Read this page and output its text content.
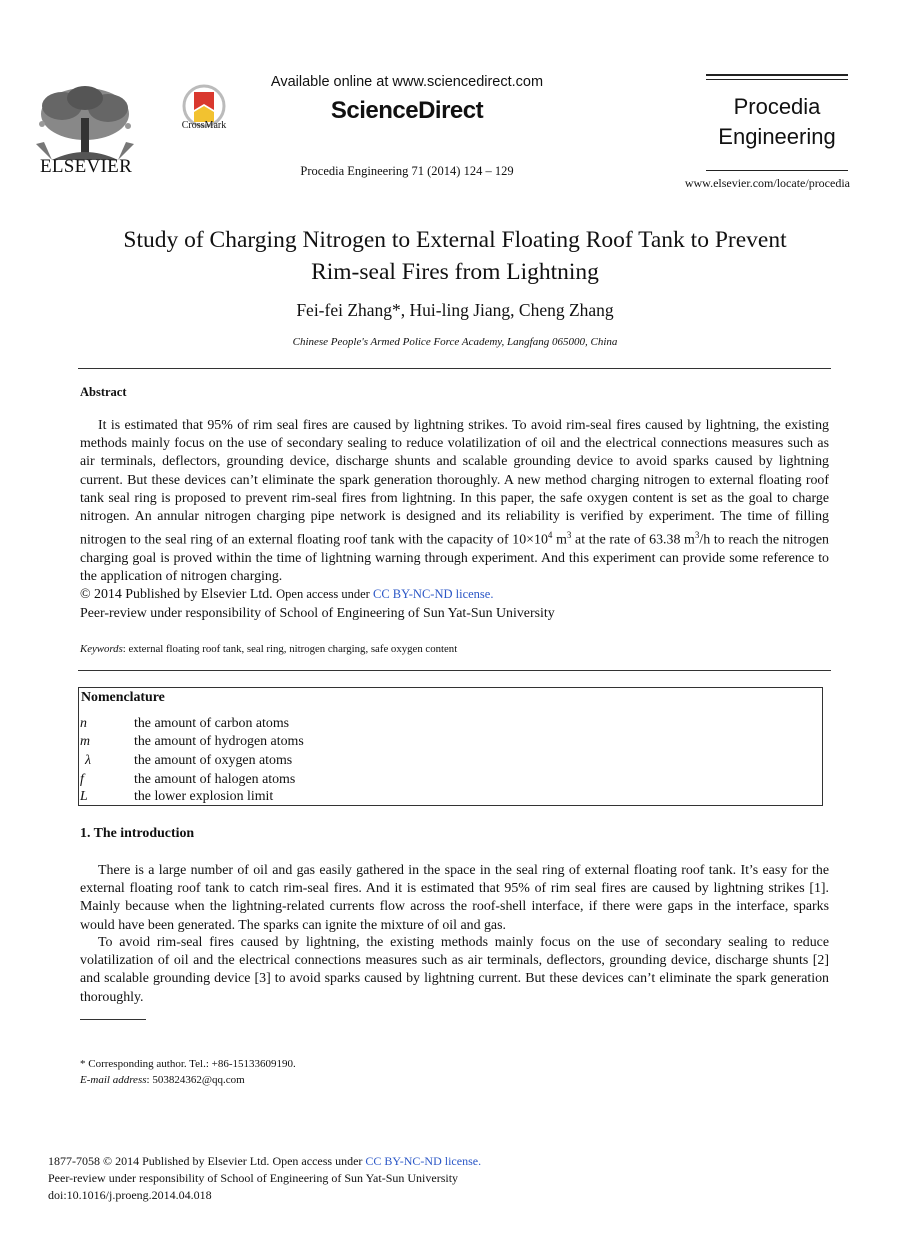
ELSEVIER
CrossMark
Available online at www.sciencedirect.com
ScienceDirect
Procedia Engineering 71 (2014) 124 – 129
Procedia
Engineering
www.elsevier.com/locate/procedia
Study of Charging Nitrogen to External Floating Roof Tank to Prevent
Rim-seal Fires from Lightning
Fei-fei Zhang*, Hui-ling Jiang, Cheng Zhang
Chinese People's Armed Police Force Academy, Langfang 065000, China
Abstract
It is estimated that 95% of rim seal fires are caused by lightning strikes. To avoid rim-seal fires caused by lightning, the existing methods mainly focus on the use of secondary sealing to reduce volatilization of oil and the electrical connections measures such as air terminals, deflectors, grounding device, discharge shunts and scalable grounding device to avoid sparks caused by lightning current. But these devices can’t eliminate the spark generation thoroughly. A new method charging nitrogen to external floating roof tank seal ring is proposed to prevent rim-seal fires from lightning. In this paper, the safe oxygen content is set as the goal to charge nitrogen. An annular nitrogen charging pipe network is designed and its reliability is verified by experiment. The time of filling nitrogen to the seal ring of an external floating roof tank with the capacity of $10\times 10^4$ $m^3$ at the rate of 63.38 $m^3/h$ to reach the nitrogen charging goal is proved within the time of lightning warning through experiment. And this experiment can provide some reference to the application of nitrogen charging.
© 2014 Published by Elsevier Ltd. Open access under CC BY-NC-ND license.
Peer-review under responsibility of School of Engineering of Sun Yat-Sun University
Keywords: external floating roof tank, seal ring, nitrogen charging, safe oxygen content
Nomenclature
n	the amount of carbon atoms
m	the amount of hydrogen atoms
λ	the amount of oxygen atoms
f	the amount of halogen atoms
L	the lower explosion limit
1. The introduction
There is a large number of oil and gas easily gathered in the space in the seal ring of external floating roof tank. It’s easy for the external floating roof tank to catch rim-seal fires. And it is estimated that 95% of rim seal fires are caused by lightning strikes [1]. Mainly because when the lightning-related currents flow across the roof-shell interface, if there were gaps in the interface, sparks would have been generated. The sparks can ignite the mixture of oil and gas.
To avoid rim-seal fires caused by lightning, the existing methods mainly focus on the use of secondary sealing to reduce volatilization of oil and the electrical connections measures such as air terminals, deflectors, grounding device, discharge shunts [2] and scalable grounding device [3] to avoid sparks caused by lightning current. But these devices can’t eliminate the spark generation thoroughly.
* Corresponding author. Tel.: +86-15133609190.
E-mail address: 503824362@qq.com
1877-7058 © 2014 Published by Elsevier Ltd. Open access under CC BY-NC-ND license.
Peer-review under responsibility of School of Engineering of Sun Yat-Sun University
doi:10.1016/j.proeng.2014.04.018
